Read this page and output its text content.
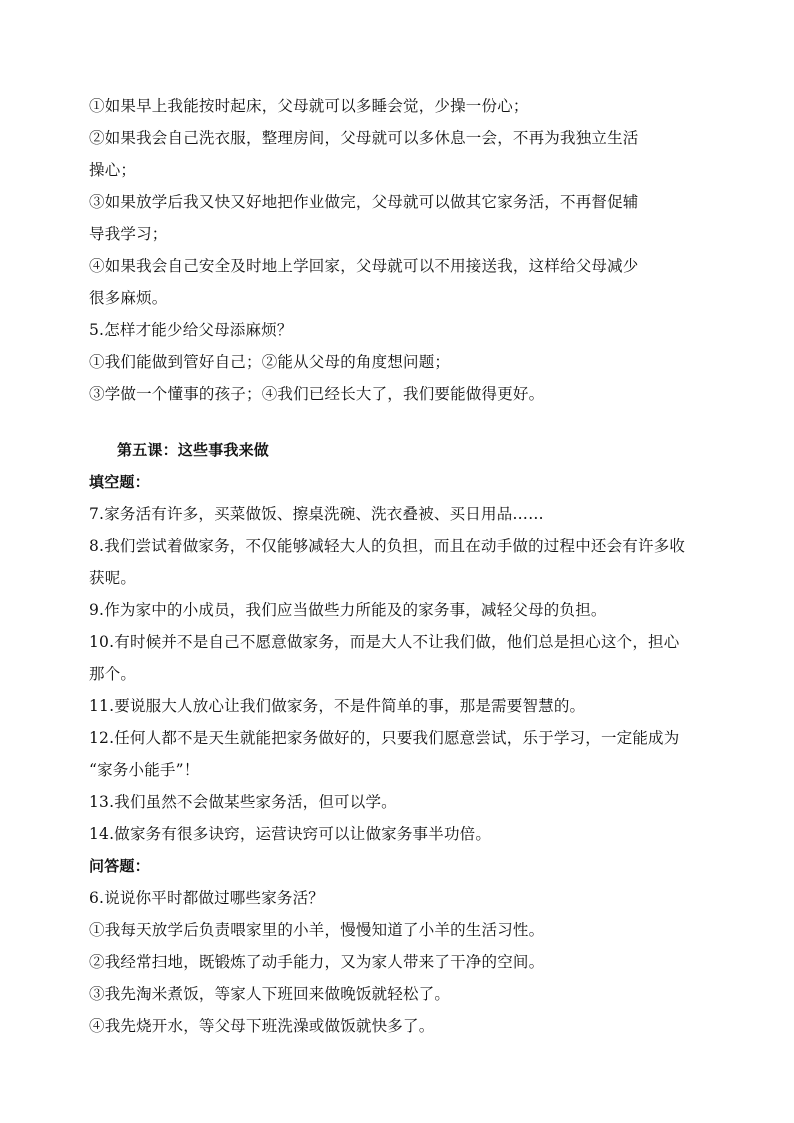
①如果早上我能按时起床，父母就可以多睡会觉，少操一份心；
②如果我会自己洗衣服，整理房间，父母就可以多休息一会，不再为我独立生活
操心；
③如果放学后我又快又好地把作业做完，父母就可以做其它家务活，不再督促辅
导我学习；
④如果我会自己安全及时地上学回家，父母就可以不用接送我，这样给父母减少
很多麻烦。
5.怎样才能少给父母添麻烦？
①我们能做到管好自己；②能从父母的角度想问题；
③学做一个懂事的孩子；④我们已经长大了，我们要能做得更好。
第五课：这些事我来做
填空题：
7.家务活有许多，买菜做饭、擦桌洗碗、洗衣叠被、买日用品……
8.我们尝试着做家务，不仅能够减轻大人的负担，而且在动手做的过程中还会有许多收
获呢。
9.作为家中的小成员，我们应当做些力所能及的家务事，减轻父母的负担。
10.有时候并不是自己不愿意做家务，而是大人不让我们做，他们总是担心这个，担心
那个。
11.要说服大人放心让我们做家务，不是件简单的事，那是需要智慧的。
12.任何人都不是天生就能把家务做好的，只要我们愿意尝试，乐于学习，一定能成为
“家务小能手”！
13.我们虽然不会做某些家务活，但可以学。
14.做家务有很多诀窍，运营诀窍可以让做家务事半功倍。
问答题：
6.说说你平时都做过哪些家务活？
①我每天放学后负责喂家里的小羊，慢慢知道了小羊的生活习性。
②我经常扫地，既锻炼了动手能力，又为家人带来了干净的空间。
③我先淘米煮饭，等家人下班回来做晚饭就轻松了。
④我先烧开水，等父母下班洗澡或做饭就快多了。
